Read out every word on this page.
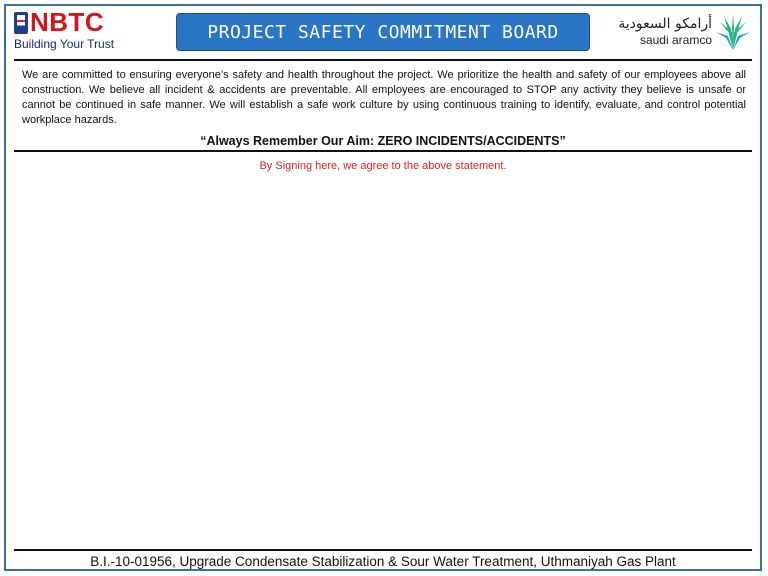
NBTC
Building Your Trust
PROJECT SAFETY COMMITMENT BOARD	أرامكو السعودية
saudi aramco

We are committed to ensuring everyone’s safety and health throughout the project. We prioritize the health and safety of our employees above all construction. We believe all incident & accidents are preventable. All employees are encouraged to STOP any activity they believe is unsafe or cannot be continued in safe manner. We will establish a safe work culture by using continuous training to identify, evaluate, and control potential workplace hazards.

“Always Remember Our Aim: ZERO INCIDENTS/ACCIDENTS”
By Signing here, we agree to the above statement.
B.I.-10-01956, Upgrade Condensate Stabilization & Sour Water Treatment, Uthmaniyah Gas Plant
